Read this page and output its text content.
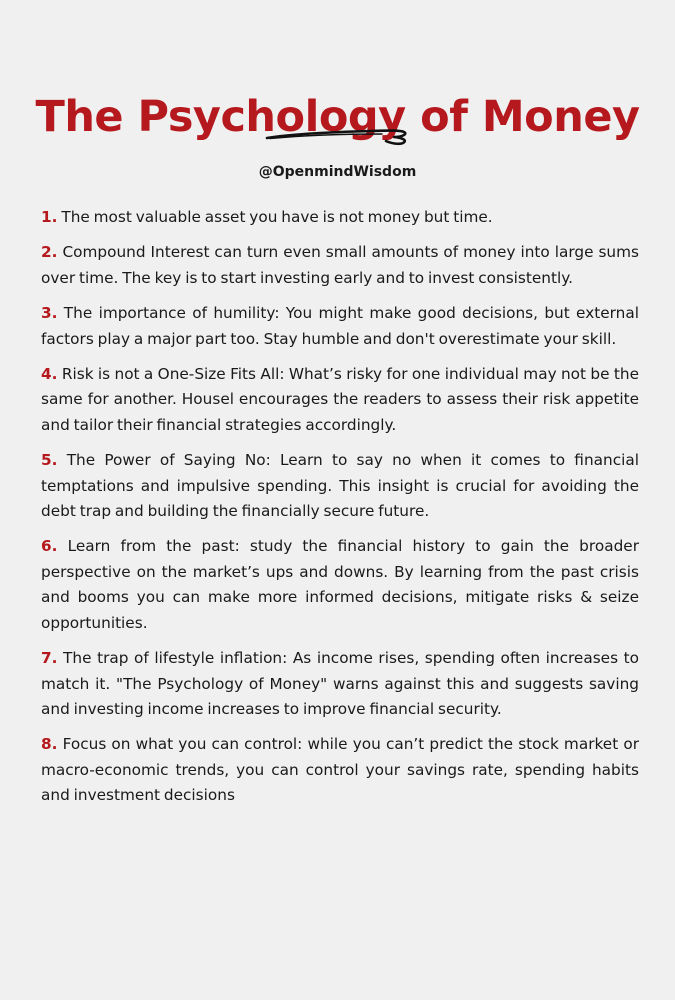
The Psychology of Money
@OpenmindWisdom
1. The most valuable asset you have is not money but time.
2. Compound Interest can turn even small amounts of money into large sums over time. The key is to start investing early and to invest consistently.
3. The importance of humility: You might make good decisions, but external factors play a major part too. Stay humble and don't overestimate your skill.
4. Risk is not a One-Size Fits All: What’s risky for one individual may not be the same for another. Housel encourages the readers to assess their risk appetite and tailor their financial strategies accordingly.
5. The Power of Saying No: Learn to say no when it comes to financial temptations and impulsive spending. This insight is crucial for avoiding the debt trap and building the financially secure future.
6. Learn from the past: study the financial history to gain the broader perspective on the market’s ups and downs. By learning from the past crisis and booms you can make more informed decisions, mitigate risks & seize opportunities.
7. The trap of lifestyle inflation: As income rises, spending often increases to match it. "The Psychology of Money" warns against this and suggests saving and investing income increases to improve financial security.
8. Focus on what you can control: while you can’t predict the stock market or macro-economic trends, you can control your savings rate, spending habits and investment decisions
